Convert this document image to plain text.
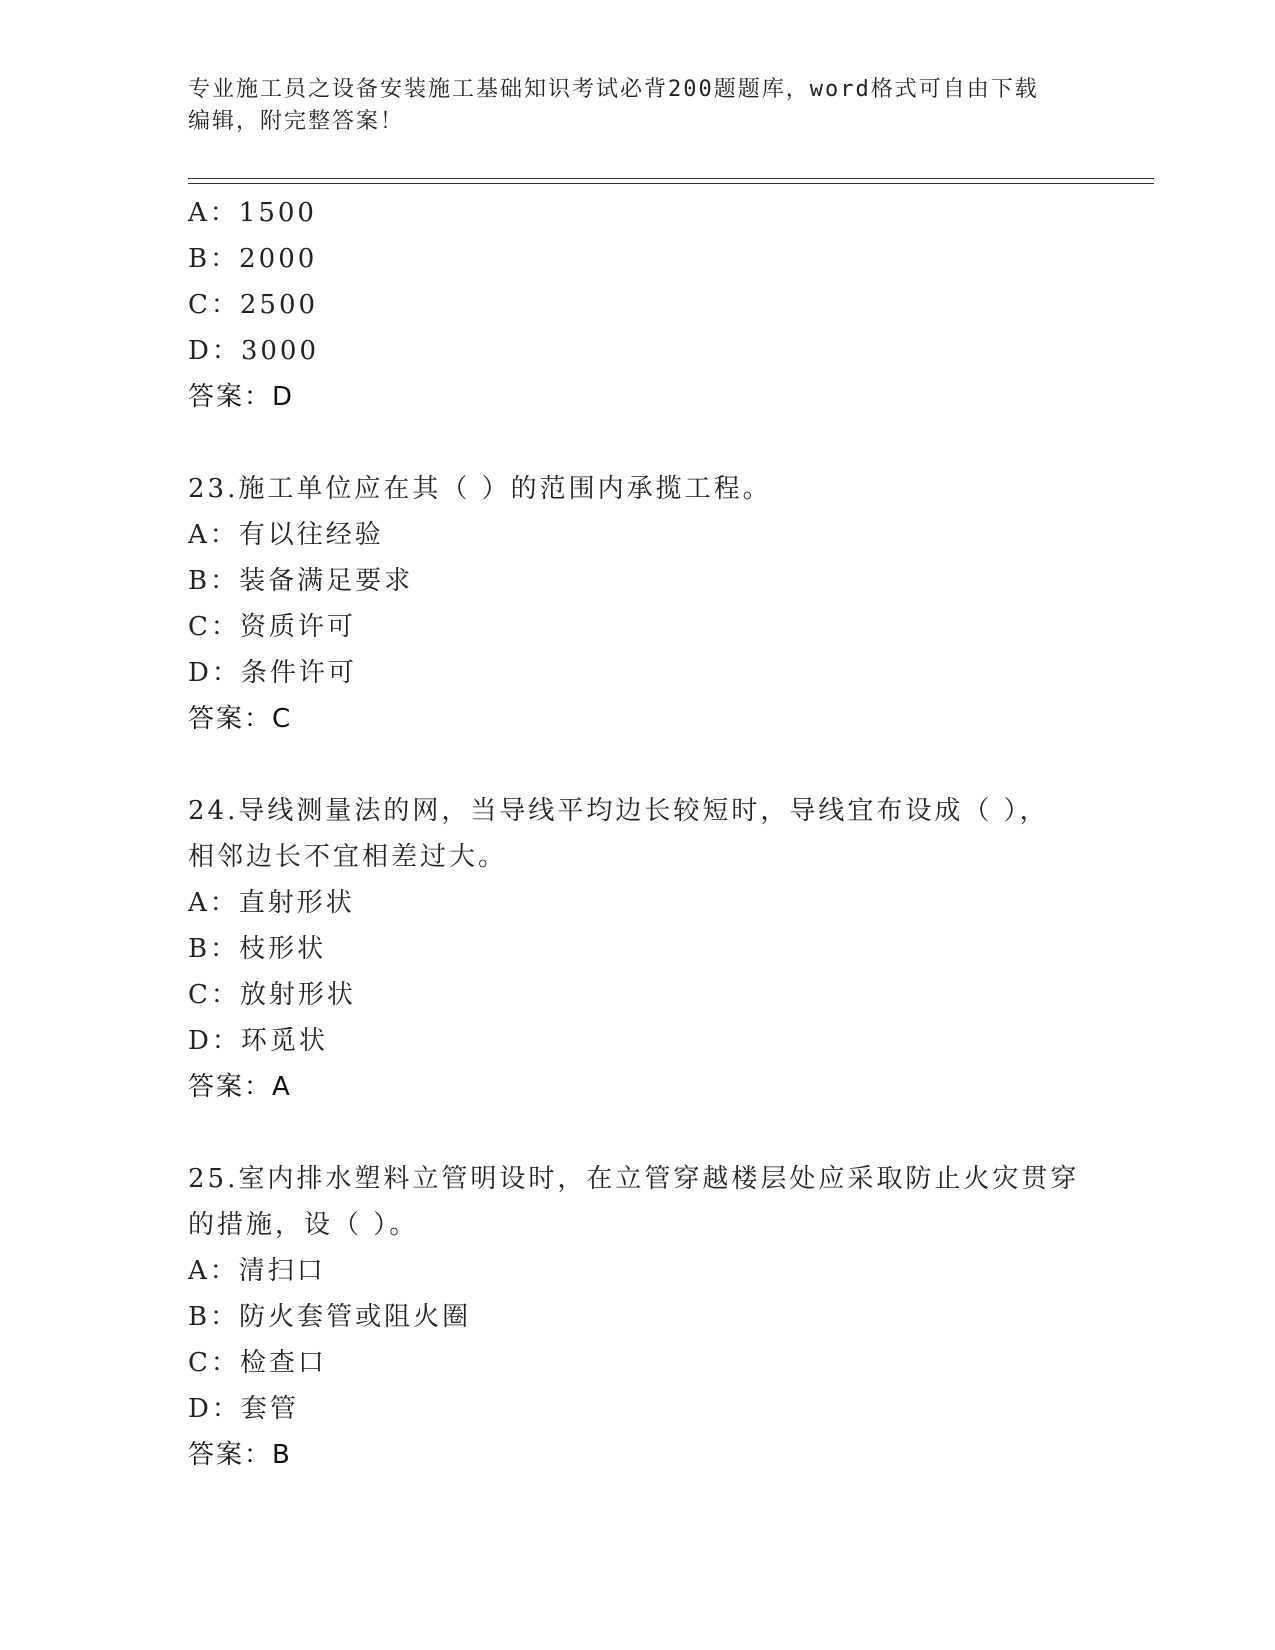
专业施工员之设备安装施工基础知识考试必背200题题库，word格式可自由下载
编辑，附完整答案！
A：1500
B：2000
C：2500
D：3000
答案：D
23.施工单位应在其（ ）的范围内承揽工程。
A：有以往经验
B：装备满足要求
C：资质许可
D：条件许可
答案：C
24.导线测量法的网，当导线平均边长较短时，导线宜布设成（ ），
相邻边长不宜相差过大。
A：直射形状
B：枝形状
C：放射形状
D：环觅状
答案：A
25.室内排水塑料立管明设时，在立管穿越楼层处应采取防止火灾贯穿
的措施，设（ ）。
A：清扫口
B：防火套管或阻火圈
C：检查口
D：套管
答案：B
